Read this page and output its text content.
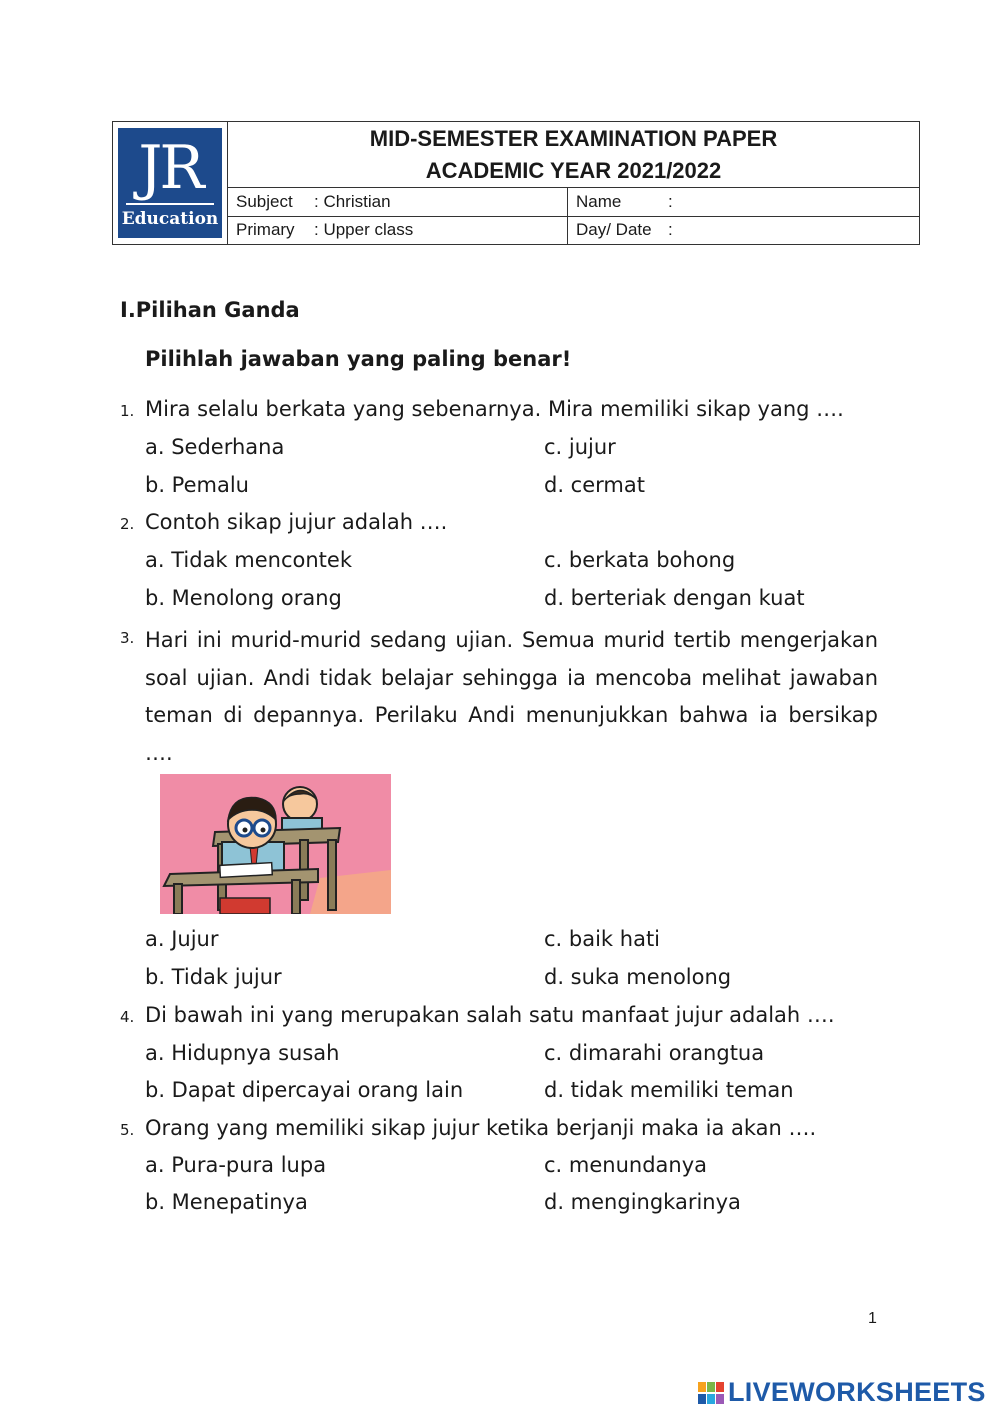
JR
Education
MID-SEMESTER EXAMINATION PAPER
ACADEMIC YEAR 2021/2022
Subject	: Christian	Name	:
Primary	: Upper class	Day/ Date :
I.Pilihan Ganda
Pilihlah jawaban yang paling benar!
1. Mira selalu berkata yang sebenarnya. Mira memiliki sikap yang ….
a. Sederhana	c. jujur
b. Pemalu	d. cermat
2. Contoh sikap jujur adalah ….
a. Tidak mencontek	c. berkata bohong
b. Menolong orang	d. berteriak dengan kuat
3. Hari ini murid-murid sedang ujian. Semua murid tertib mengerjakan soal ujian. Andi tidak belajar sehingga ia mencoba melihat jawaban teman di depannya. Perilaku Andi menunjukkan bahwa ia bersikap ….
a. Jujur	c. baik hati
b. Tidak jujur	d. suka menolong
4. Di bawah ini yang merupakan salah satu manfaat jujur adalah ….
a. Hidupnya susah	c. dimarahi orangtua
b. Dapat dipercayai orang lain	d. tidak memiliki teman
5. Orang yang memiliki sikap jujur ketika berjanji maka ia akan ….
a. Pura-pura lupa	c. menundanya
b. Menepatinya	d. mengingkarinya
1
LIVEWORKSHEETS
